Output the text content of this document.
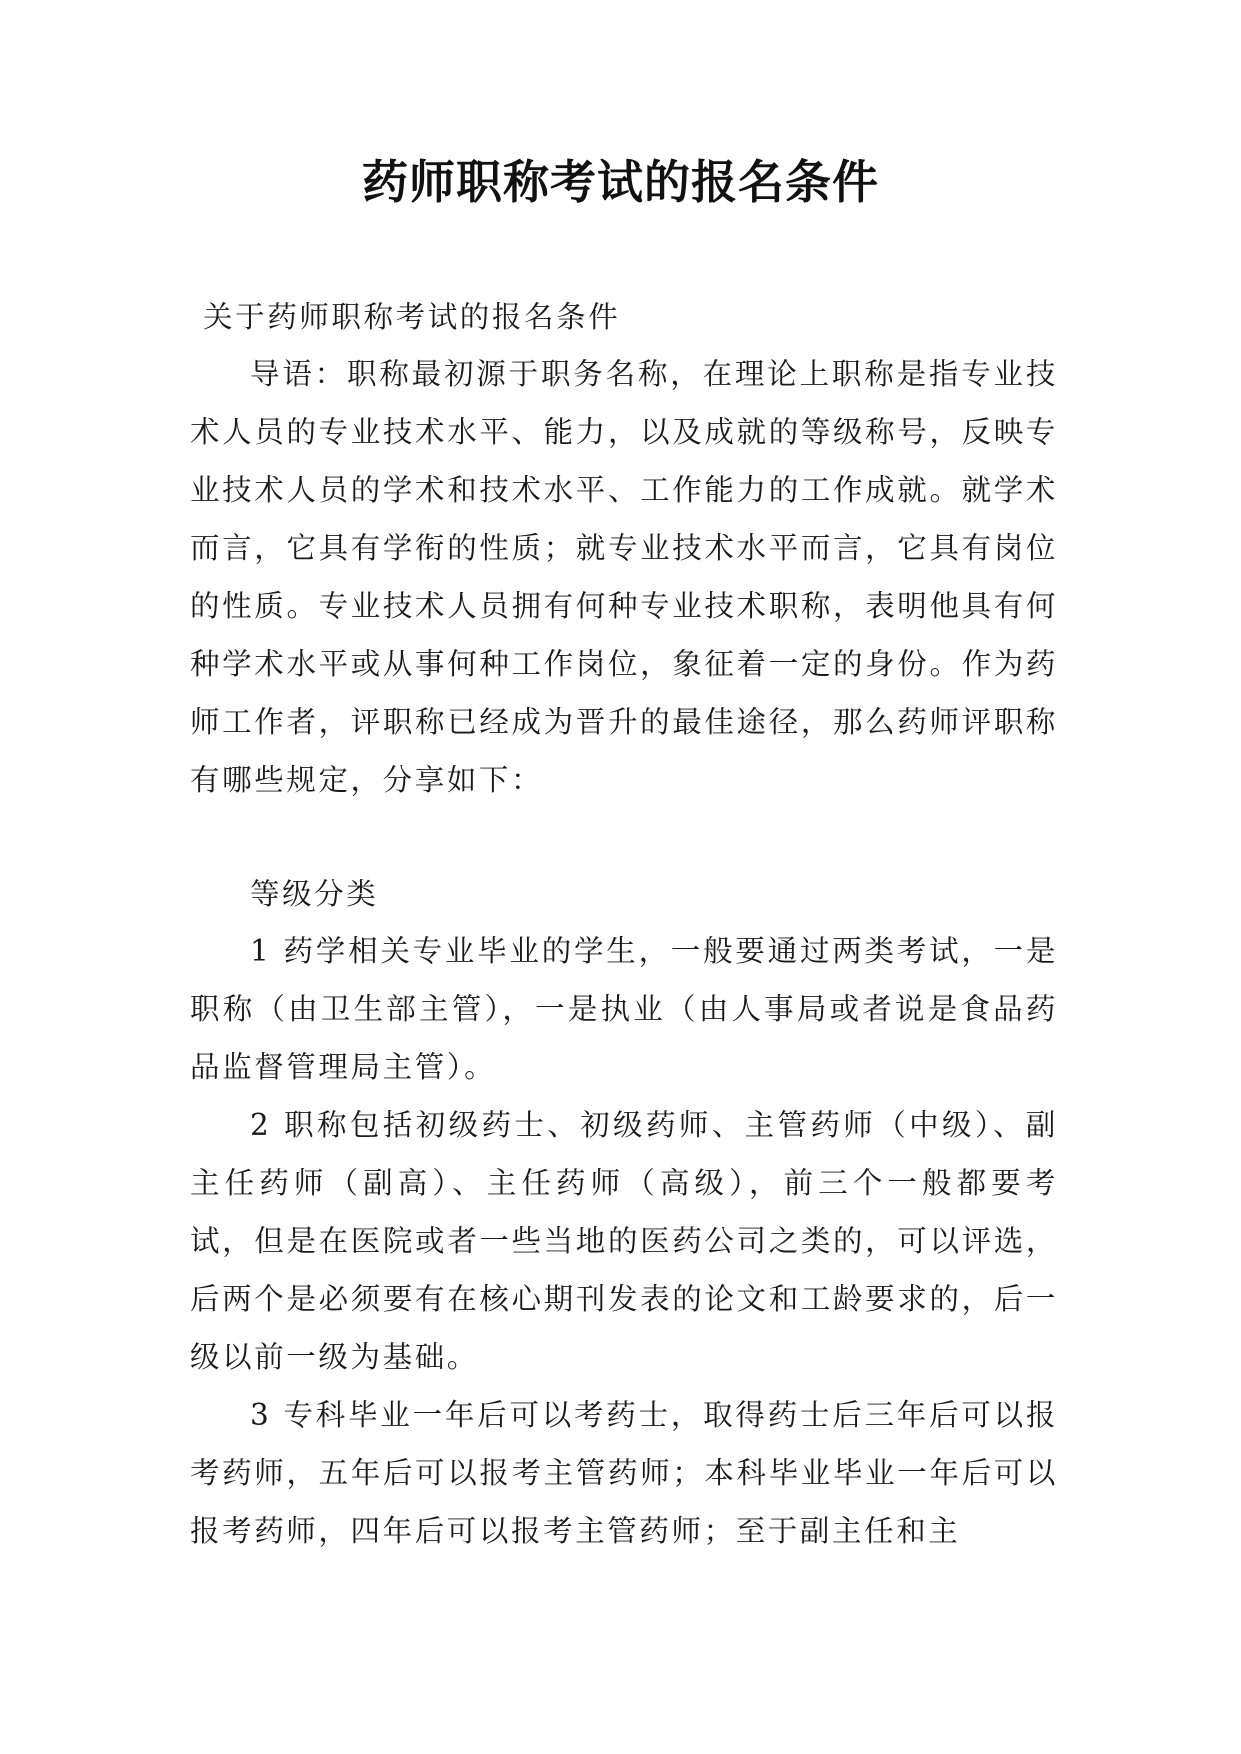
药师职称考试的报名条件

关于药师职称考试的报名条件

导语：职称最初源于职务名称，在理论上职称是指专业技术人员的专业技术水平、能力，以及成就的等级称号，反映专业技术人员的学术和技术水平、工作能力的工作成就。就学术而言，它具有学衔的性质；就专业技术水平而言，它具有岗位的性质。专业技术人员拥有何种专业技术职称，表明他具有何种学术水平或从事何种工作岗位，象征着一定的身份。作为药师工作者，评职称已经成为晋升的最佳途径，那么药师评职称有哪些规定，分享如下：

等级分类

1 药学相关专业毕业的学生，一般要通过两类考试，一是职称（由卫生部主管），一是执业（由人事局或者说是食品药品监督管理局主管）。

2 职称包括初级药士、初级药师、主管药师（中级）、副主任药师（副高）、主任药师（高级），前三个一般都要考试，但是在医院或者一些当地的医药公司之类的，可以评选，后两个是必须要有在核心期刊发表的论文和工龄要求的，后一级以前一级为基础。

3 专科毕业一年后可以考药士，取得药士后三年后可以报考药师，五年后可以报考主管药师；本科毕业毕业一年后可以报考药师，四年后可以报考主管药师；至于副主任和主
